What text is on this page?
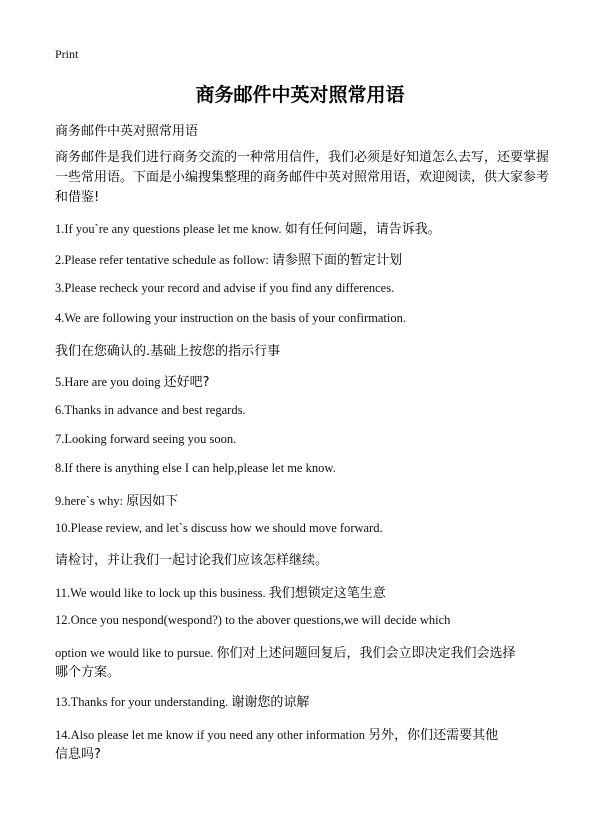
Print
商务邮件中英对照常用语
商务邮件中英对照常用语
商务邮件是我们进行商务交流的一种常用信件，我们必须是好知道怎么去写，还要掌握一些常用语。下面是小编搜集整理的商务邮件中英对照常用语，欢迎阅读，供大家参考和借鉴!
1.If you`re any questions please let me know. 如有任何问题，请告诉我。
2.Please refer tentative schedule as follow: 请参照下面的暂定计划
3.Please recheck your record and advise if you find any differences.
4.We are following your instruction on the basis of your confirmation.
我们在您确认的.基础上按您的指示行事
5.Hare are you doing 还好吧?
6.Thanks in advance and best regards.
7.Looking forward seeing you soon.
8.If there is anything else I can help,please let me know.
9.here`s why: 原因如下
10.Please review, and let`s discuss how we should move forward.
请检讨，并让我们一起讨论我们应该怎样继续。
11.We would like to lock up this business. 我们想锁定这笔生意
12.Once you nespond(wespond?) to the abover questions,we will decide which
option we would like to pursue. 你们对上述问题回复后，我们会立即决定我们会选择
哪个方案。
13.Thanks for your understanding. 谢谢您的谅解
14.Also please let me know if you need any other information 另外，你们还需要其他
信息吗?
